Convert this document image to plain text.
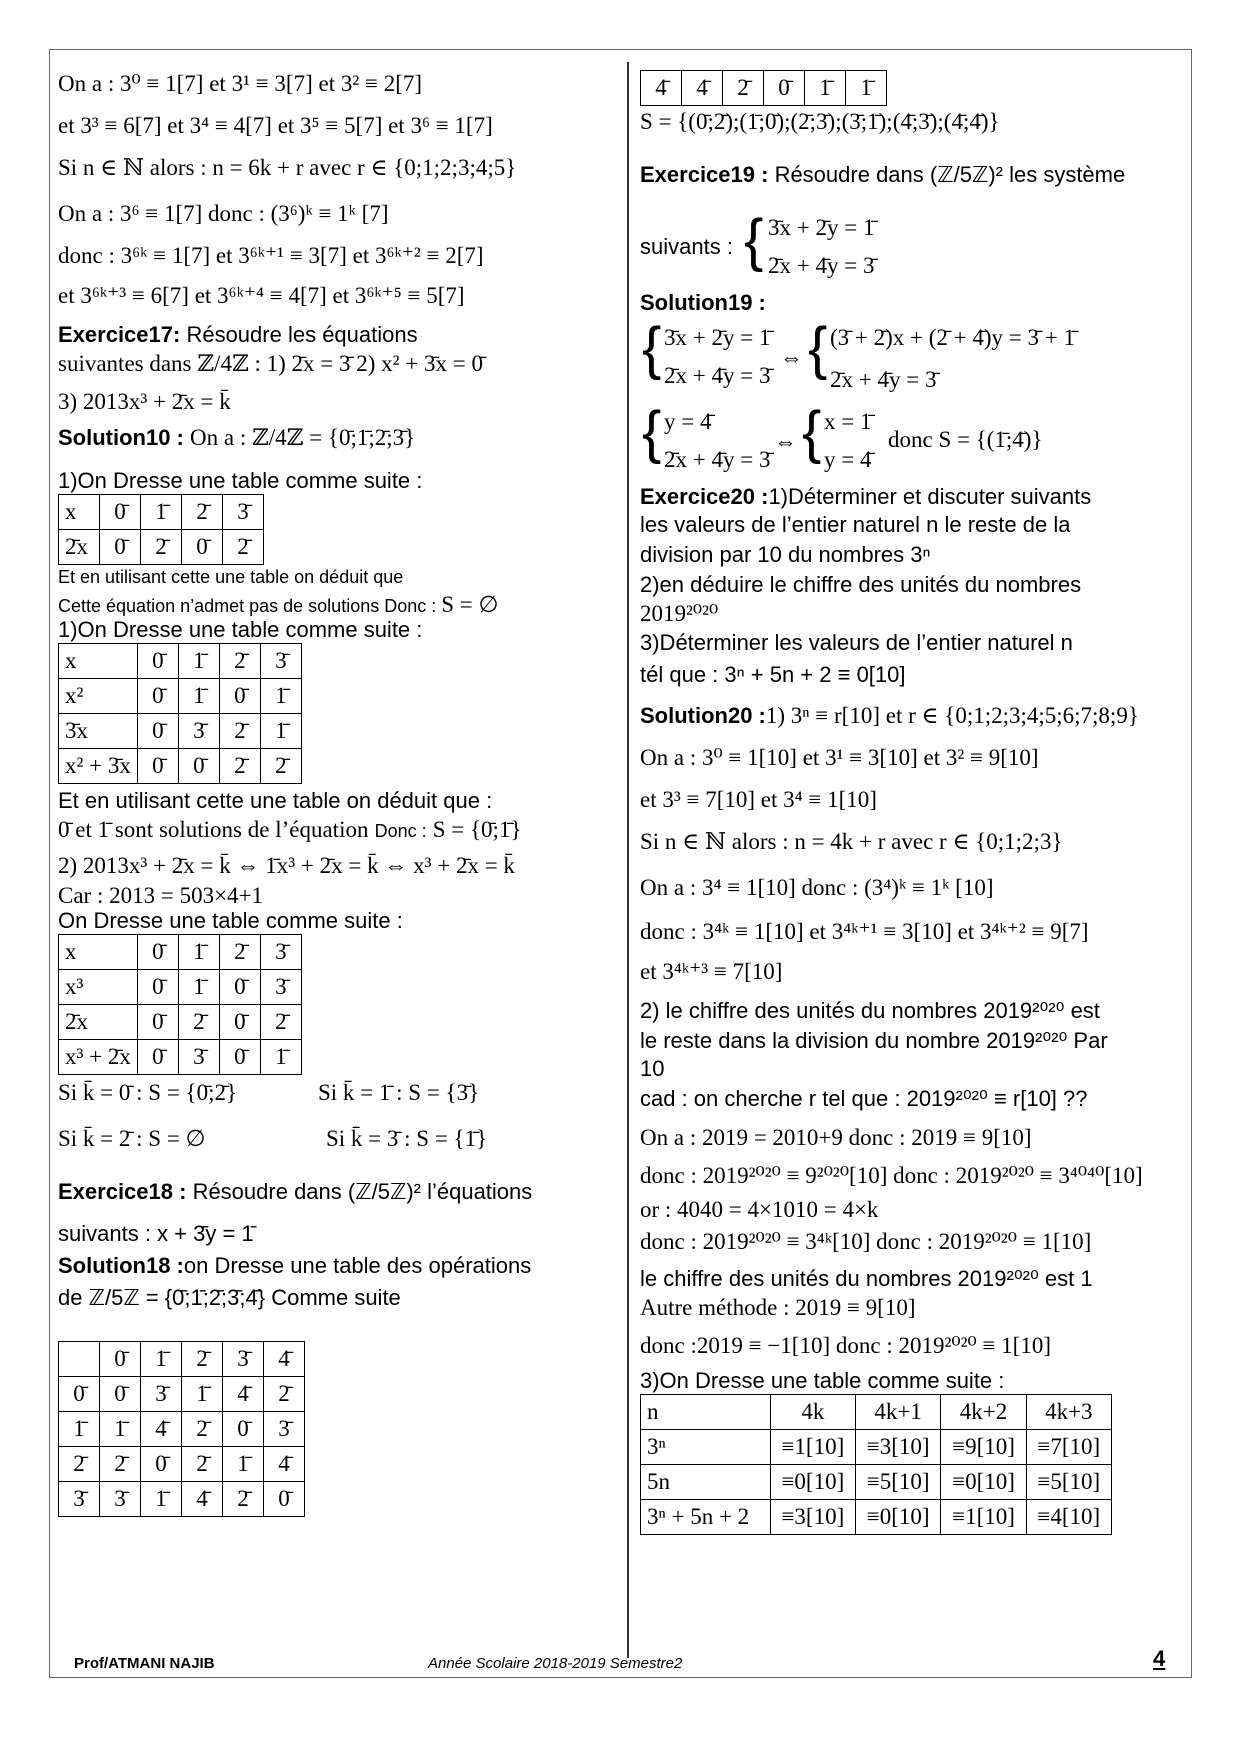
On a : 3⁰ ≡ 1[7] et 3¹ ≡ 3[7] et 3² ≡ 2[7]
et 3³ ≡ 6[7] et 3⁴ ≡ 4[7] et 3⁵ ≡ 5[7] et 3⁶ ≡ 1[7]
Si n ∈ ℕ alors : n = 6k + r avec r ∈ {0;1;2;3;4;5}
On a : 3⁶ ≡ 1[7] donc : (3⁶)ᵏ ≡ 1ᵏ [7]
donc : 3⁶ᵏ ≡ 1[7] et 3⁶ᵏ⁺¹ ≡ 3[7] et 3⁶ᵏ⁺² ≡ 2[7]
et 3⁶ᵏ⁺³ ≡ 6[7] et 3⁶ᵏ⁺⁴ ≡ 4[7] et 3⁶ᵏ⁺⁵ ≡ 5[7]
Exercice17: Résoudre les équations
suivantes dans ℤ/4ℤ : 1) 2̄x = 3̄ 2) x² + 3̄x = 0̄
3) 2013x³ + 2̄x = k̄
Solution10 : On a : ℤ/4ℤ = {0̄;1̄;2̄;3̄}
1)On Dresse une table comme suite :
x	0̄	1̄	2̄	3̄
2̄x	0̄	2̄	0̄	2̄
Et en utilisant cette une table on déduit que
Cette équation n’admet pas de solutions Donc : S = ∅
1)On Dresse une table comme suite :
x	0̄	1̄	2̄	3̄
x²	0̄	1̄	0̄	1̄
3̄x	0̄	3̄	2̄	1̄
x² + 3̄x	0̄	0̄	2̄	2̄
Et en utilisant cette une table on déduit que :
0̄ et 1̄ sont solutions de l’équation Donc : S = {0̄;1̄}
2) 2013x³ + 2̄x = k̄ ⇔ 1̄x³ + 2̄x = k̄ ⇔ x³ + 2̄x = k̄
Car : 2013 = 503×4+1
On Dresse une table comme suite :
x	0̄	1̄	2̄	3̄
x³	0̄	1̄	0̄	3̄
2̄x	0̄	2̄	0̄	2̄
x³ + 2̄x	0̄	3̄	0̄	1̄
Si k̄ = 0̄ : S = {0̄;2̄}	Si k̄ = 1̄ : S = {3̄}
Si k̄ = 2̄ : S = ∅	Si k̄ = 3̄ : S = {1̄}
Exercice18 : Résoudre dans (ℤ/5ℤ)² l’équations
suivants : x + 3̄y = 1̄
Solution18 :on Dresse une table des opérations
de ℤ/5ℤ = {0̄;1̄;2̄;3̄;4̄} Comme suite
	0̄	1̄	2̄	3̄	4̄
0̄	0̄	3̄	1̄	4̄	2̄
1̄	1̄	4̄	2̄	0̄	3̄
2̄	2̄	0̄	2̄	1̄	4̄
3̄	3̄	1̄	4̄	2̄	0̄
4̄	4̄	2̄	0̄	1̄	1̄
S = {(0̄;2̄);(1̄;0̄);(2̄;3̄);(3̄;1̄);(4̄;3̄);(4̄;4̄)}
Exercice19 : Résoudre dans (ℤ/5ℤ)² les système
suivants : { 3̄x + 2̄y = 1̄
2̄x + 4̄y = 3̄
Solution19 :
{ 3̄x + 2̄y = 1̄
2̄x + 4̄y = 3̄
⇔ { (3̄ + 2̄)x + (2̄ + 4̄)y = 3̄ + 1̄
2̄x + 4̄y = 3̄
{ y = 4̄
2̄x + 4̄y = 3̄
⇔ { x = 1̄
y = 4̄
donc S = {(1̄;4̄)}
Exercice20 :1)Déterminer et discuter suivants
les valeurs de l’entier naturel n le reste de la
division par 10 du nombres 3ⁿ
2)en déduire le chiffre des unités du nombres
2019²⁰²⁰
3)Déterminer les valeurs de l’entier naturel n
tél que : 3ⁿ + 5n + 2 ≡ 0[10]
Solution20 :1) 3ⁿ ≡ r[10] et r ∈ {0;1;2;3;4;5;6;7;8;9}
On a : 3⁰ ≡ 1[10] et 3¹ ≡ 3[10] et 3² ≡ 9[10]
et 3³ ≡ 7[10] et 3⁴ ≡ 1[10]
Si n ∈ ℕ alors : n = 4k + r avec r ∈ {0;1;2;3}
On a : 3⁴ ≡ 1[10] donc : (3⁴)ᵏ ≡ 1ᵏ [10]
donc : 3⁴ᵏ ≡ 1[10] et 3⁴ᵏ⁺¹ ≡ 3[10] et 3⁴ᵏ⁺² ≡ 9[7]
et 3⁴ᵏ⁺³ ≡ 7[10]
2) le chiffre des unités du nombres 2019²⁰²⁰ est
le reste dans la division du nombre 2019²⁰²⁰ Par
10
cad : on cherche r tel que : 2019²⁰²⁰ ≡ r[10] ??
On a : 2019 = 2010+9 donc : 2019 ≡ 9[10]
donc : 2019²⁰²⁰ ≡ 9²⁰²⁰[10] donc : 2019²⁰²⁰ ≡ 3⁴⁰⁴⁰[10]
or : 4040 = 4×1010 = 4×k
donc : 2019²⁰²⁰ ≡ 3⁴ᵏ[10] donc : 2019²⁰²⁰ ≡ 1[10]
le chiffre des unités du nombres 2019²⁰²⁰ est 1
Autre méthode : 2019 ≡ 9[10]
donc :2019 ≡ −1[10] donc : 2019²⁰²⁰ ≡ 1[10]
3)On Dresse une table comme suite :
n	4k	4k+1	4k+2	4k+3
3ⁿ	≡1[10]	≡3[10]	≡9[10]	≡7[10]
5n	≡0[10]	≡5[10]	≡0[10]	≡5[10]
3ⁿ + 5n + 2	≡3[10]	≡0[10]	≡1[10]	≡4[10]
Prof/ATMANI NAJIB	Année Scolaire 2018-2019 Semestre2	4
